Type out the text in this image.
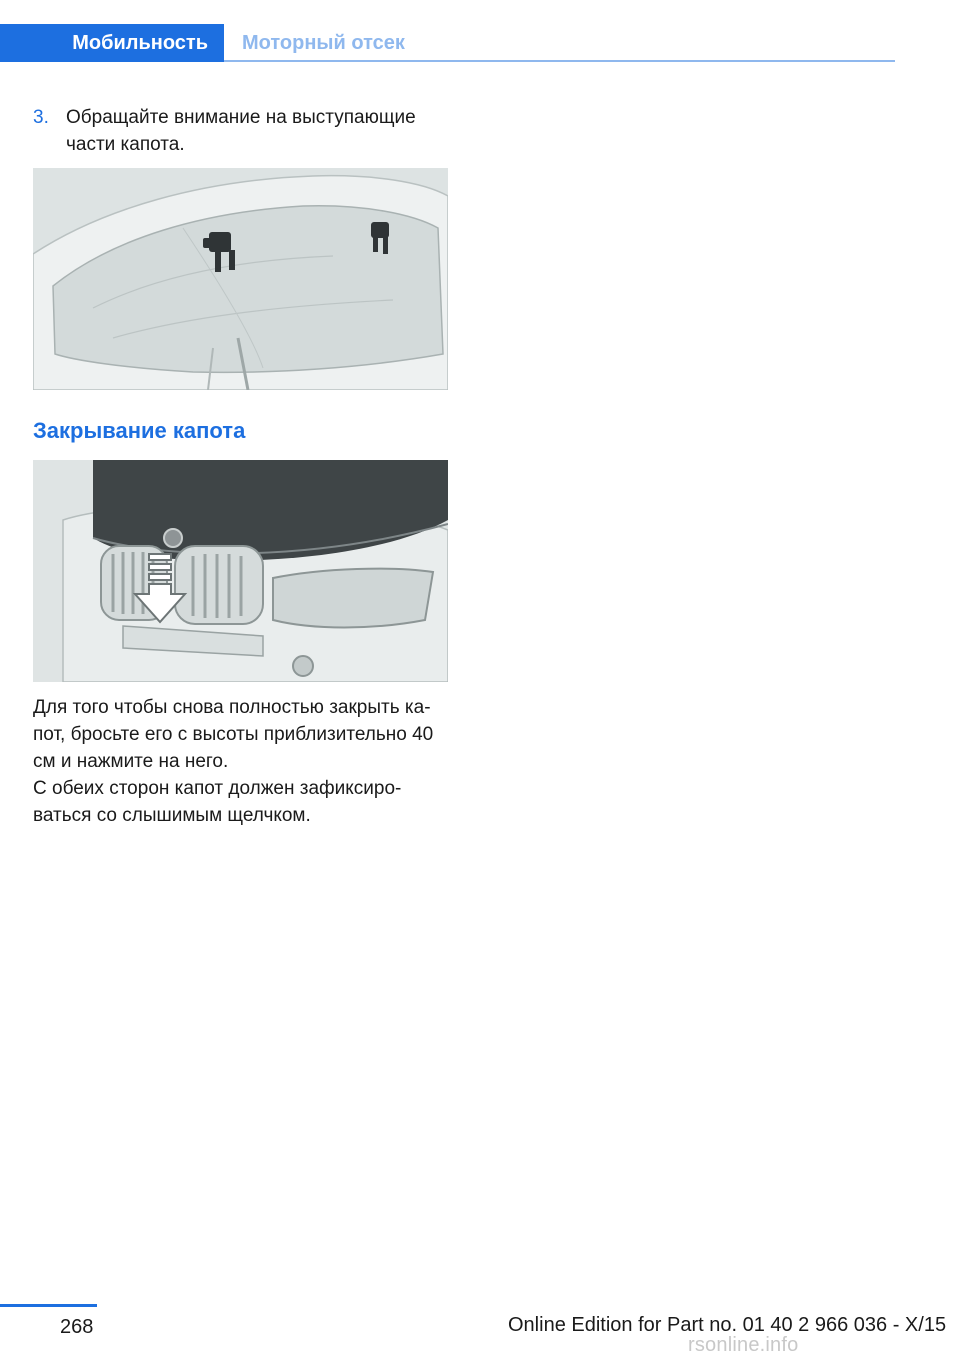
Мобильность	Моторный отсек
3. Обращайте внимание на выступающие части капота.
Закрывание капота
Для того чтобы снова полностью закрыть ка‐ пот, бросьте его с высоты приблизительно 40 см и нажмите на него.
С обеих сторон капот должен зафиксиро‐ ваться со слышимым щелчком.
268	Online Edition for Part no. 01 40 2 966 036 - X/15
rsonline.info
